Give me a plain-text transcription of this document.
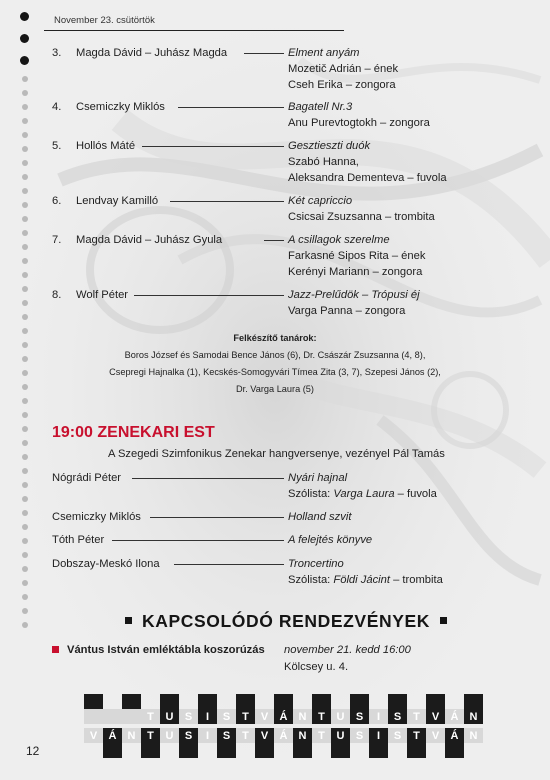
November 23. csütörtök
3. Magda Dávid – Juhász Magda	Elment anyám
Mozetič Adrián – ének
Cseh Erika – zongora
4. Csemiczky Miklós	Bagatell Nr.3
Anu Purevtogtokh – zongora
5. Hollós Máté	Gesztieszti duók
Szabó Hanna,
Aleksandra Dementeva – fuvola
6. Lendvay Kamilló	Két capriccio
Csicsai Zsuzsanna – trombita
7. Magda Dávid – Juhász Gyula	A csillagok szerelme
Farkasné Sipos Rita – ének
Kerényi Mariann – zongora
8. Wolf Péter	Jazz-Prelűdök – Trópusi éj
Varga Panna – zongora
Felkészítő tanárok:
Boros József és Samodai Bence János (6), Dr. Császár Zsuzsanna (4, 8),
Csepregi Hajnalka (1), Kecskés-Somogyvári Tímea Zita (3, 7), Szepesi János (2),
Dr. Varga Laura (5)
19:00 ZENEKARI EST
A Szegedi Szimfonikus Zenekar hangversenye, vezényel Pál Tamás
Nógrádi Péter	Nyári hajnal
Szólista: Varga Laura – fuvola
Csemiczky Miklós	Holland szvit
Tóth Péter	A felejtés könyve
Dobszay-Meskó Ilona	Troncertino
Szólista: Földi Jácint – trombita
KAPCSOLÓDÓ RENDEZVÉNYEK
Vántus István emléktábla koszorúzás november 21. kedd 16:00
Kölcsey u. 4.
T	U	S	I	S	T	V	Á	N	T	U	S	I	S	T	V	Á	N
V	Á	N	T	U	S	I	S	T	V	Á	N	T	U	S	I	S	T	V	Á	N
12
